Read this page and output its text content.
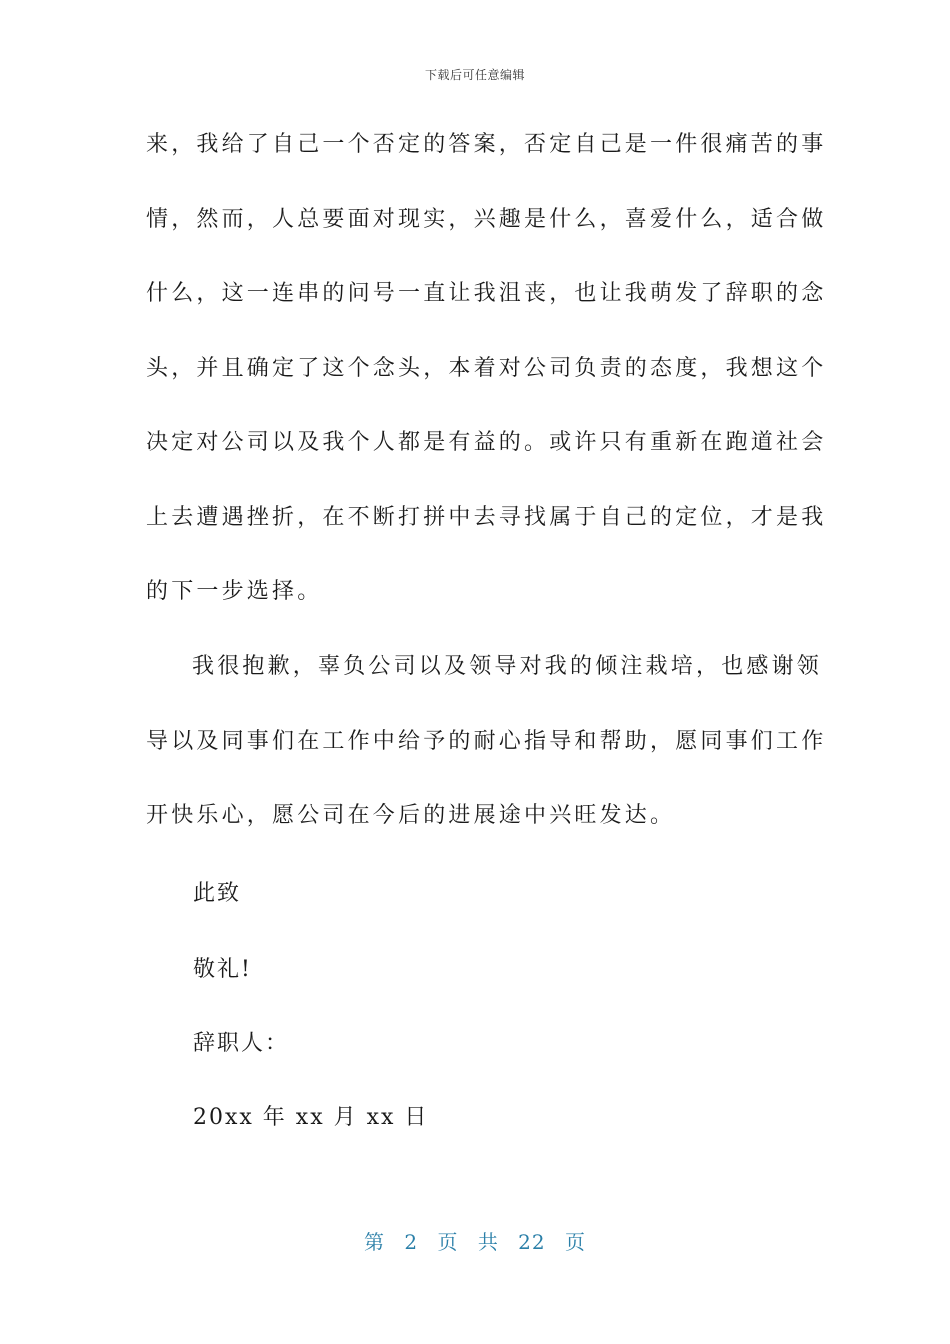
下载后可任意编辑
来，我给了自己一个否定的答案，否定自己是一件很痛苦的事
情，然而，人总要面对现实，兴趣是什么，喜爱什么，适合做
什么，这一连串的问号一直让我沮丧，也让我萌发了辞职的念
头，并且确定了这个念头，本着对公司负责的态度，我想这个
决定对公司以及我个人都是有益的。或许只有重新在跑道社会
上去遭遇挫折，在不断打拼中去寻找属于自己的定位，才是我
的下一步选择。
我很抱歉，辜负公司以及领导对我的倾注栽培，也感谢领
导以及同事们在工作中给予的耐心指导和帮助，愿同事们工作
开快乐心，愿公司在今后的进展途中兴旺发达。

此致

敬礼!

辞职人：

20xx 年 xx 月 xx 日

第 2 页 共 22 页
